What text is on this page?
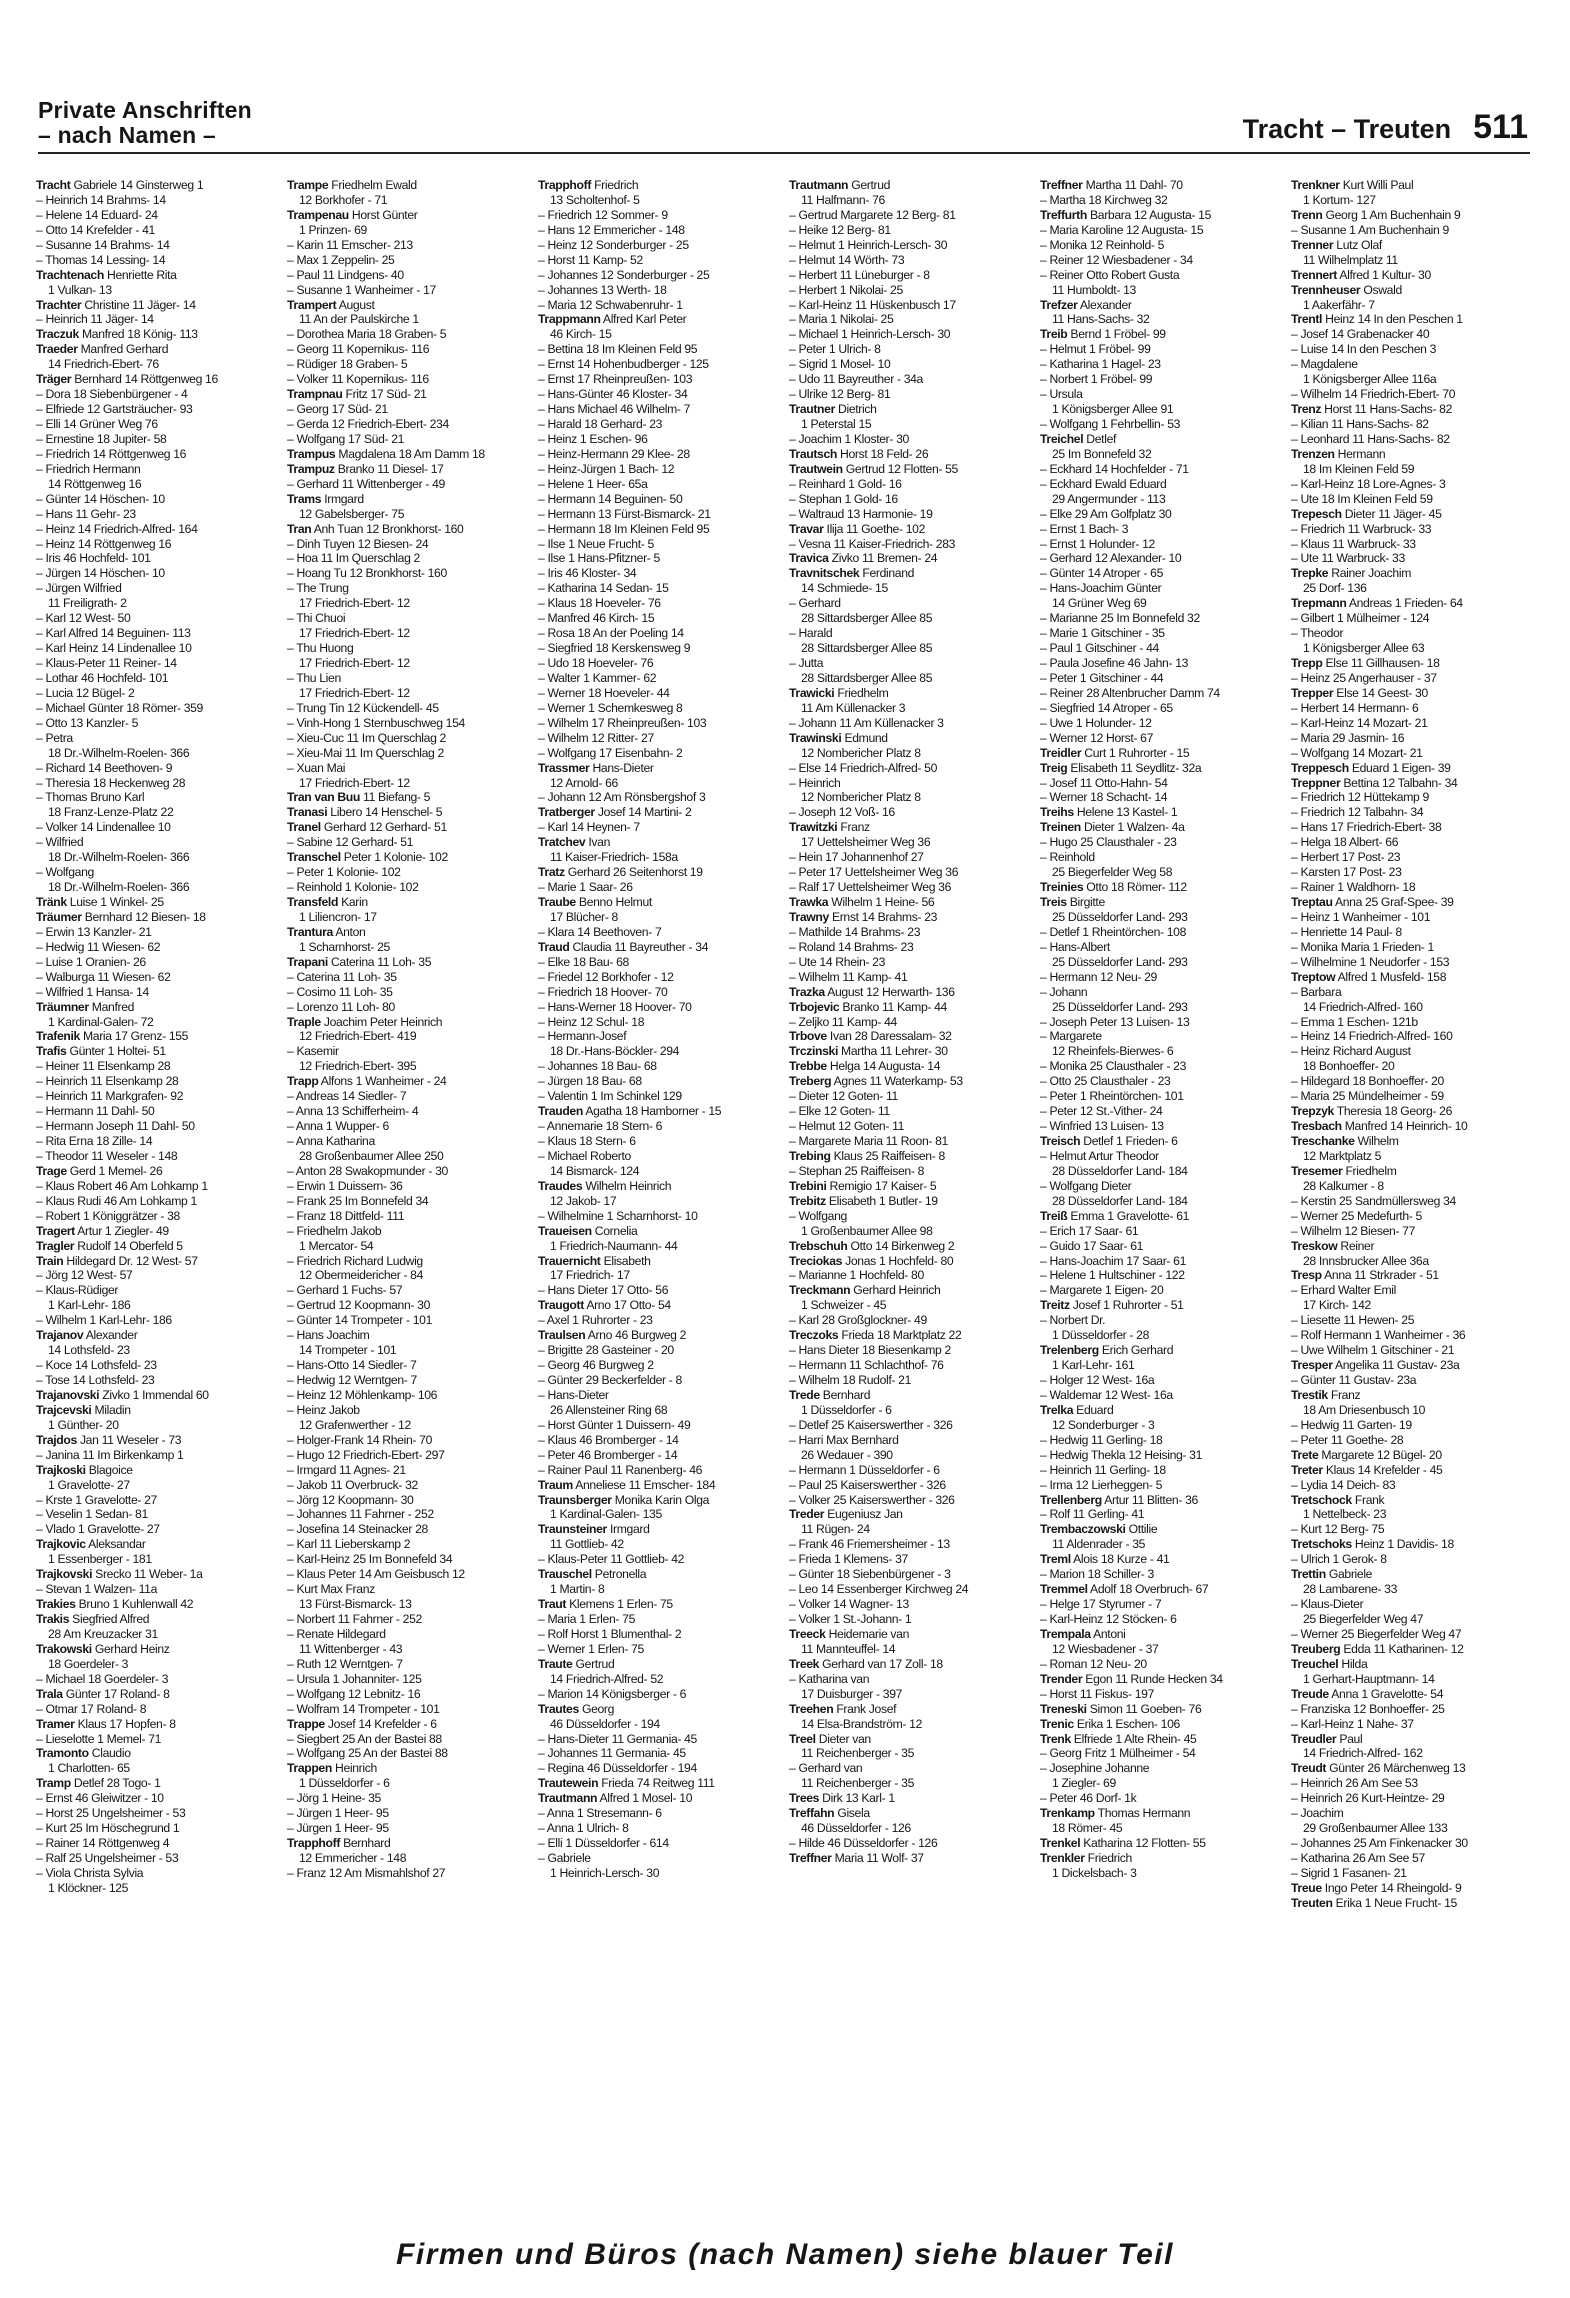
Private Anschriften
– nach Namen –	Tracht – Treuten 511
Tracht Gabriele 14 Ginsterweg 1
– Heinrich 14 Brahms- 14
– Helene 14 Eduard- 24
– Otto 14 Krefelder - 41
– Susanne 14 Brahms- 14
– Thomas 14 Lessing- 14
Trachtenach Henriette Rita
1 Vulkan- 13
Trachter Christine 11 Jäger- 14
– Heinrich 11 Jäger- 14
Traczuk Manfred 18 König- 113
Traeder Manfred Gerhard
14 Friedrich-Ebert- 76
Träger Bernhard 14 Röttgenweg 16
– Dora 18 Siebenbürgener - 4
– Elfriede 12 Gartsträucher- 93
– Elli 14 Grüner Weg 76
– Ernestine 18 Jupiter- 58
– Friedrich 14 Röttgenweg 16
– Friedrich Hermann
14 Röttgenweg 16
– Günter 14 Höschen- 10
– Hans 11 Gehr- 23
– Heinz 14 Friedrich-Alfred- 164
– Heinz 14 Röttgenweg 16
– Iris 46 Hochfeld- 101
– Jürgen 14 Höschen- 10
– Jürgen Wilfried
11 Freiligrath- 2
– Karl 12 West- 50
– Karl Alfred 14 Beguinen- 113
– Karl Heinz 14 Lindenallee 10
– Klaus-Peter 11 Reiner- 14
– Lothar 46 Hochfeld- 101
– Lucia 12 Bügel- 2
– Michael Günter 18 Römer- 359
– Otto 13 Kanzler- 5
– Petra
18 Dr.-Wilhelm-Roelen- 366
– Richard 14 Beethoven- 9
– Theresia 18 Heckenweg 28
– Thomas Bruno Karl
18 Franz-Lenze-Platz 22
– Volker 14 Lindenallee 10
– Wilfried
18 Dr.-Wilhelm-Roelen- 366
– Wolfgang
18 Dr.-Wilhelm-Roelen- 366
Tränk Luise 1 Winkel- 25
Träumer Bernhard 12 Biesen- 18
– Erwin 13 Kanzler- 21
– Hedwig 11 Wiesen- 62
– Luise 1 Oranien- 26
– Walburga 11 Wiesen- 62
– Wilfried 1 Hansa- 14
Träumner Manfred
1 Kardinal-Galen- 72
Trafenik Maria 17 Grenz- 155
Trafis Günter 1 Holtei- 51
– Heiner 11 Elsenkamp 28
– Heinrich 11 Elsenkamp 28
– Heinrich 11 Markgrafen- 92
– Hermann 11 Dahl- 50
– Hermann Joseph 11 Dahl- 50
– Rita Erna 18 Zille- 14
– Theodor 11 Weseler - 148
Trage Gerd 1 Memel- 26
– Klaus Robert 46 Am Lohkamp 1
– Klaus Rudi 46 Am Lohkamp 1
– Robert 1 Königgrätzer - 38
Tragert Artur 1 Ziegler- 49
Tragler Rudolf 14 Oberfeld 5
Train Hildegard Dr. 12 West- 57
– Jörg 12 West- 57
– Klaus-Rüdiger
1 Karl-Lehr- 186
– Wilhelm 1 Karl-Lehr- 186
Trajanov Alexander
14 Lothsfeld- 23
– Koce 14 Lothsfeld- 23
– Tose 14 Lothsfeld- 23
Trajanovski Zivko 1 Immendal 60
Trajcevski Miladin
1 Günther- 20
Trajdos Jan 11 Weseler - 73
– Janina 11 Im Birkenkamp 1
Trajkoski Blagoice
1 Gravelotte- 27
– Krste 1 Gravelotte- 27
– Veselin 1 Sedan- 81
– Vlado 1 Gravelotte- 27
Trajkovic Aleksandar
1 Essenberger - 181
Trajkovski Srecko 11 Weber- 1a
– Stevan 1 Walzen- 11a
Trakies Bruno 1 Kuhlenwall 42
Trakis Siegfried Alfred
28 Am Kreuzacker 31
Trakowski Gerhard Heinz
18 Goerdeler- 3
– Michael 18 Goerdeler- 3
Trala Günter 17 Roland- 8
– Otmar 17 Roland- 8
Tramer Klaus 17 Hopfen- 8
– Lieselotte 1 Memel- 71
Tramonto Claudio
1 Charlotten- 65
Tramp Detlef 28 Togo- 1
– Ernst 46 Gleiwitzer - 10
– Horst 25 Ungelsheimer - 53
– Kurt 25 Im Höschegrund 1
– Rainer 14 Röttgenweg 4
– Ralf 25 Ungelsheimer - 53
– Viola Christa Sylvia
1 Klöckner- 125
Trampe Friedhelm Ewald
12 Borkhofer - 71
Trampenau Horst Günter
1 Prinzen- 69
– Karin 11 Emscher- 213
– Max 1 Zeppelin- 25
– Paul 11 Lindgens- 40
– Susanne 1 Wanheimer - 17
Trampert August
11 An der Paulskirche 1
– Dorothea Maria 18 Graben- 5
– Georg 11 Kopernikus- 116
– Rüdiger 18 Graben- 5
– Volker 11 Kopernikus- 116
Trampnau Fritz 17 Süd- 21
– Georg 17 Süd- 21
– Gerda 12 Friedrich-Ebert- 234
– Wolfgang 17 Süd- 21
Trampus Magdalena 18 Am Damm 18
Trampuz Branko 11 Diesel- 17
– Gerhard 11 Wittenberger - 49
Trams Irmgard
12 Gabelsberger- 75
Tran Anh Tuan 12 Bronkhorst- 160
– Dinh Tuyen 12 Biesen- 24
– Hoa 11 Im Querschlag 2
– Hoang Tu 12 Bronkhorst- 160
– The Trung
17 Friedrich-Ebert- 12
– Thi Chuoi
17 Friedrich-Ebert- 12
– Thu Huong
17 Friedrich-Ebert- 12
– Thu Lien
17 Friedrich-Ebert- 12
– Trung Tin 12 Kückendell- 45
– Vinh-Hong 1 Sternbuschweg 154
– Xieu-Cuc 11 Im Querschlag 2
– Xieu-Mai 11 Im Querschlag 2
– Xuan Mai
17 Friedrich-Ebert- 12
Tran van Buu 11 Biefang- 5
Tranasi Libero 14 Henschel- 5
Tranel Gerhard 12 Gerhard- 51
– Sabine 12 Gerhard- 51
Transchel Peter 1 Kolonie- 102
– Peter 1 Kolonie- 102
– Reinhold 1 Kolonie- 102
Transfeld Karin
1 Liliencron- 17
Trantura Anton
1 Scharnhorst- 25
Trapani Caterina 11 Loh- 35
– Caterina 11 Loh- 35
– Cosimo 11 Loh- 35
– Lorenzo 11 Loh- 80
Traple Joachim Peter Heinrich
12 Friedrich-Ebert- 419
– Kasemir
12 Friedrich-Ebert- 395
Trapp Alfons 1 Wanheimer - 24
– Andreas 14 Siedler- 7
– Anna 13 Schifferheim- 4
– Anna 1 Wupper- 6
– Anna Katharina
28 Großenbaumer Allee 250
– Anton 28 Swakopmunder - 30
– Erwin 1 Duissern- 36
– Frank 25 Im Bonnefeld 34
– Franz 18 Dittfeld- 111
– Friedhelm Jakob
1 Mercator- 54
– Friedrich Richard Ludwig
12 Obermeidericher - 84
– Gerhard 1 Fuchs- 57
– Gertrud 12 Koopmann- 30
– Günter 14 Trompeter - 101
– Hans Joachim
14 Trompeter - 101
– Hans-Otto 14 Siedler- 7
– Hedwig 12 Werntgen- 7
– Heinz 12 Möhlenkamp- 106
– Heinz Jakob
12 Grafenwerther - 12
– Holger-Frank 14 Rhein- 70
– Hugo 12 Friedrich-Ebert- 297
– Irmgard 11 Agnes- 21
– Jakob 11 Overbruck- 32
– Jörg 12 Koopmann- 30
– Johannes 11 Fahrner - 252
– Josefina 14 Steinacker 28
– Karl 11 Lieberskamp 2
– Karl-Heinz 25 Im Bonnefeld 34
– Klaus Peter 14 Am Geisbusch 12
– Kurt Max Franz
13 Fürst-Bismarck- 13
– Norbert 11 Fahrner - 252
– Renate Hildegard
11 Wittenberger - 43
– Ruth 12 Werntgen- 7
– Ursula 1 Johanniter- 125
– Wolfgang 12 Lebnitz- 16
– Wolfram 14 Trompeter - 101
Trappe Josef 14 Krefelder - 6
– Siegbert 25 An der Bastei 88
– Wolfgang 25 An der Bastei 88
Trappen Heinrich
1 Düsseldorfer - 6
– Jörg 1 Heine- 35
– Jürgen 1 Heer- 95
– Jürgen 1 Heer- 95
Trapphoff Bernhard
12 Emmericher - 148
– Franz 12 Am Mismahlshof 27
Trapphoff Friedrich
13 Scholtenhof- 5
– Friedrich 12 Sommer- 9
– Hans 12 Emmericher - 148
– Heinz 12 Sonderburger - 25
– Horst 11 Kamp- 52
– Johannes 12 Sonderburger - 25
– Johannes 13 Werth- 18
– Maria 12 Schwabenruhr- 1
Trappmann Alfred Karl Peter
46 Kirch- 15
– Bettina 18 Im Kleinen Feld 95
– Ernst 14 Hohenbudberger - 125
– Ernst 17 Rheinpreußen- 103
– Hans-Günter 46 Kloster- 34
– Hans Michael 46 Wilhelm- 7
– Harald 18 Gerhard- 23
– Heinz 1 Eschen- 96
– Heinz-Hermann 29 Klee- 28
– Heinz-Jürgen 1 Bach- 12
– Helene 1 Heer- 65a
– Hermann 14 Beguinen- 50
– Hermann 13 Fürst-Bismarck- 21
– Hermann 18 Im Kleinen Feld 95
– Ilse 1 Neue Frucht- 5
– Ilse 1 Hans-Pfitzner- 5
– Iris 46 Kloster- 34
– Katharina 14 Sedan- 15
– Klaus 18 Hoeveler- 76
– Manfred 46 Kirch- 15
– Rosa 18 An der Poeling 14
– Siegfried 18 Kerskensweg 9
– Udo 18 Hoeveler- 76
– Walter 1 Kammer- 62
– Werner 18 Hoeveler- 44
– Werner 1 Schemkesweg 8
– Wilhelm 17 Rheinpreußen- 103
– Wilhelm 12 Ritter- 27
– Wolfgang 17 Eisenbahn- 2
Trassmer Hans-Dieter
12 Arnold- 66
– Johann 12 Am Rönsbergshof 3
Tratberger Josef 14 Martini- 2
– Karl 14 Heynen- 7
Tratchev Ivan
11 Kaiser-Friedrich- 158a
Tratz Gerhard 26 Seitenhorst 19
– Marie 1 Saar- 26
Traube Benno Helmut
17 Blücher- 8
– Klara 14 Beethoven- 7
Traud Claudia 11 Bayreuther - 34
– Elke 18 Bau- 68
– Friedel 12 Borkhofer - 12
– Friedrich 18 Hoover- 70
– Hans-Werner 18 Hoover- 70
– Heinz 12 Schul- 18
– Hermann-Josef
18 Dr.-Hans-Böckler- 294
– Johannes 18 Bau- 68
– Jürgen 18 Bau- 68
– Valentin 1 Im Schinkel 129
Trauden Agatha 18 Hamborner - 15
– Annemarie 18 Stern- 6
– Klaus 18 Stern- 6
– Michael Roberto
14 Bismarck- 124
Traudes Wilhelm Heinrich
12 Jakob- 17
– Wilhelmine 1 Scharnhorst- 10
Traueisen Cornelia
1 Friedrich-Naumann- 44
Trauernicht Elisabeth
17 Friedrich- 17
– Hans Dieter 17 Otto- 56
Traugott Arno 17 Otto- 54
– Axel 1 Ruhrorter - 23
Traulsen Arno 46 Burgweg 2
– Brigitte 28 Gasteiner - 20
– Georg 46 Burgweg 2
– Günter 29 Beckerfelder - 8
– Hans-Dieter
26 Allensteiner Ring 68
– Horst Günter 1 Duissern- 49
– Klaus 46 Bromberger - 14
– Peter 46 Bromberger - 14
– Rainer Paul 11 Ranenberg- 46
Traum Anneliese 11 Emscher- 184
Traunsberger Monika Karin Olga
1 Kardinal-Galen- 135
Traunsteiner Irmgard
11 Gottlieb- 42
– Klaus-Peter 11 Gottlieb- 42
Trauschel Petronella
1 Martin- 8
Traut Klemens 1 Erlen- 75
– Maria 1 Erlen- 75
– Rolf Horst 1 Blumenthal- 2
– Werner 1 Erlen- 75
Traute Gertrud
14 Friedrich-Alfred- 52
– Marion 14 Königsberger - 6
Trautes Georg
46 Düsseldorfer - 194
– Hans-Dieter 11 Germania- 45
– Johannes 11 Germania- 45
– Regina 46 Düsseldorfer - 194
Trautewein Frieda 74 Reitweg 111
Trautmann Alfred 1 Mosel- 10
– Anna 1 Stresemann- 6
– Anna 1 Ulrich- 8
– Elli 1 Düsseldorfer - 614
– Gabriele
1 Heinrich-Lersch- 30
Trautmann Gertrud
11 Halfmann- 76
– Gertrud Margarete 12 Berg- 81
– Heike 12 Berg- 81
– Helmut 1 Heinrich-Lersch- 30
– Helmut 14 Wörth- 73
– Herbert 11 Lüneburger - 8
– Herbert 1 Nikolai- 25
– Karl-Heinz 11 Hüskenbusch 17
– Maria 1 Nikolai- 25
– Michael 1 Heinrich-Lersch- 30
– Peter 1 Ulrich- 8
– Sigrid 1 Mosel- 10
– Udo 11 Bayreuther - 34a
– Ulrike 12 Berg- 81
Trautner Dietrich
1 Peterstal 15
– Joachim 1 Kloster- 30
Trautsch Horst 18 Feld- 26
Trautwein Gertrud 12 Flotten- 55
– Reinhard 1 Gold- 16
– Stephan 1 Gold- 16
– Waltraud 13 Harmonie- 19
Travar Ilija 11 Goethe- 102
– Vesna 11 Kaiser-Friedrich- 283
Travica Zivko 11 Bremen- 24
Travnitschek Ferdinand
14 Schmiede- 15
– Gerhard
28 Sittardsberger Allee 85
– Harald
28 Sittardsberger Allee 85
– Jutta
28 Sittardsberger Allee 85
Trawicki Friedhelm
11 Am Küllenacker 3
– Johann 11 Am Küllenacker 3
Trawinski Edmund
12 Nombericher Platz 8
– Else 14 Friedrich-Alfred- 50
– Heinrich
12 Nombericher Platz 8
– Joseph 12 Voß- 16
Trawitzki Franz
17 Uettelsheimer Weg 36
– Hein 17 Johannenhof 27
– Peter 17 Uettelsheimer Weg 36
– Ralf 17 Uettelsheimer Weg 36
Trawka Wilhelm 1 Heine- 56
Trawny Ernst 14 Brahms- 23
– Mathilde 14 Brahms- 23
– Roland 14 Brahms- 23
– Ute 14 Rhein- 23
– Wilhelm 11 Kamp- 41
Trazka August 12 Herwarth- 136
Trbojevic Branko 11 Kamp- 44
– Zeljko 11 Kamp- 44
Trbove Ivan 28 Daressalam- 32
Trczinski Martha 11 Lehrer- 30
Trebbe Helga 14 Augusta- 14
Treberg Agnes 11 Waterkamp- 53
– Dieter 12 Goten- 11
– Elke 12 Goten- 11
– Helmut 12 Goten- 11
– Margarete Maria 11 Roon- 81
Trebing Klaus 25 Raiffeisen- 8
– Stephan 25 Raiffeisen- 8
Trebini Remigio 17 Kaiser- 5
Trebitz Elisabeth 1 Butler- 19
– Wolfgang
1 Großenbaumer Allee 98
Trebschuh Otto 14 Birkenweg 2
Treciokas Jonas 1 Hochfeld- 80
– Marianne 1 Hochfeld- 80
Treckmann Gerhard Heinrich
1 Schweizer - 45
– Karl 28 Großglockner- 49
Treczoks Frieda 18 Marktplatz 22
– Hans Dieter 18 Biesenkamp 2
– Hermann 11 Schlachthof- 76
– Wilhelm 18 Rudolf- 21
Trede Bernhard
1 Düsseldorfer - 6
– Detlef 25 Kaiserswerther - 326
– Harri Max Bernhard
26 Wedauer - 390
– Hermann 1 Düsseldorfer - 6
– Paul 25 Kaiserswerther - 326
– Volker 25 Kaiserswerther - 326
Treder Eugeniusz Jan
11 Rügen- 24
– Frank 46 Friemersheimer - 13
– Frieda 1 Klemens- 37
– Günter 18 Siebenbürgener - 3
– Leo 14 Essenberger Kirchweg 24
– Volker 14 Wagner- 13
– Volker 1 St.-Johann- 1
Treeck Heidemarie van
11 Mannteuffel- 14
Treek Gerhard van 17 Zoll- 18
– Katharina van
17 Duisburger - 397
Treehen Frank Josef
14 Elsa-Brandström- 12
Treel Dieter van
11 Reichenberger - 35
– Gerhard van
11 Reichenberger - 35
Trees Dirk 13 Karl- 1
Treffahn Gisela
46 Düsseldorfer - 126
– Hilde 46 Düsseldorfer - 126
Treffner Maria 11 Wolf- 37
Treffner Martha 11 Dahl- 70
– Martha 18 Kirchweg 32
Treffurth Barbara 12 Augusta- 15
– Maria Karoline 12 Augusta- 15
– Monika 12 Reinhold- 5
– Reiner 12 Wiesbadener - 34
– Reiner Otto Robert Gusta
11 Humboldt- 13
Trefzer Alexander
11 Hans-Sachs- 32
Treib Bernd 1 Fröbel- 99
– Helmut 1 Fröbel- 99
– Katharina 1 Hagel- 23
– Norbert 1 Fröbel- 99
– Ursula
1 Königsberger Allee 91
– Wolfgang 1 Fehrbellin- 53
Treichel Detlef
25 Im Bonnefeld 32
– Eckhard 14 Hochfelder - 71
– Eckhard Ewald Eduard
29 Angermunder - 113
– Elke 29 Am Golfplatz 30
– Ernst 1 Bach- 3
– Ernst 1 Holunder- 12
– Gerhard 12 Alexander- 10
– Günter 14 Atroper - 65
– Hans-Joachim Günter
14 Grüner Weg 69
– Marianne 25 Im Bonnefeld 32
– Marie 1 Gitschiner - 35
– Paul 1 Gitschiner - 44
– Paula Josefine 46 Jahn- 13
– Peter 1 Gitschiner - 44
– Reiner 28 Altenbrucher Damm 74
– Siegfried 14 Atroper - 65
– Uwe 1 Holunder- 12
– Werner 12 Horst- 67
Treidler Curt 1 Ruhrorter - 15
Treig Elisabeth 11 Seydlitz- 32a
– Josef 11 Otto-Hahn- 54
– Werner 18 Schacht- 14
Treihs Helene 13 Kastel- 1
Treinen Dieter 1 Walzen- 4a
– Hugo 25 Clausthaler - 23
– Reinhold
25 Biegerfelder Weg 58
Treinies Otto 18 Römer- 112
Treis Birgitte
25 Düsseldorfer Land- 293
– Detlef 1 Rheintörchen- 108
– Hans-Albert
25 Düsseldorfer Land- 293
– Hermann 12 Neu- 29
– Johann
25 Düsseldorfer Land- 293
– Joseph Peter 13 Luisen- 13
– Margarete
12 Rheinfels-Bierwes- 6
– Monika 25 Clausthaler - 23
– Otto 25 Clausthaler - 23
– Peter 1 Rheintörchen- 101
– Peter 12 St.-Vither- 24
– Winfried 13 Luisen- 13
Treisch Detlef 1 Frieden- 6
– Helmut Artur Theodor
28 Düsseldorfer Land- 184
– Wolfgang Dieter
28 Düsseldorfer Land- 184
Treiß Emma 1 Gravelotte- 61
– Erich 17 Saar- 61
– Guido 17 Saar- 61
– Hans-Joachim 17 Saar- 61
– Helene 1 Hultschiner - 122
– Margarete 1 Eigen- 20
Treitz Josef 1 Ruhrorter - 51
– Norbert Dr.
1 Düsseldorfer - 28
Trelenberg Erich Gerhard
1 Karl-Lehr- 161
– Holger 12 West- 16a
– Waldemar 12 West- 16a
Trelka Eduard
12 Sonderburger - 3
– Hedwig 11 Gerling- 18
– Hedwig Thekla 12 Heising- 31
– Heinrich 11 Gerling- 18
– Irma 12 Lierheggen- 5
Trellenberg Artur 11 Blitten- 36
– Rolf 11 Gerling- 41
Trembaczowski Ottilie
11 Aldenrader - 35
Treml Alois 18 Kurze - 41
– Marion 18 Schiller- 3
Tremmel Adolf 18 Overbruch- 67
– Helge 17 Styrumer - 7
– Karl-Heinz 12 Stöcken- 6
Trempala Antoni
12 Wiesbadener - 37
– Roman 12 Neu- 20
Trender Egon 11 Runde Hecken 34
– Horst 11 Fiskus- 197
Treneski Simon 11 Goeben- 76
Trenic Erika 1 Eschen- 106
Trenk Elfriede 1 Alte Rhein- 45
– Georg Fritz 1 Mülheimer - 54
– Josephine Johanne
1 Ziegler- 69
– Peter 46 Dorf- 1k
Trenkamp Thomas Hermann
18 Römer- 45
Trenkel Katharina 12 Flotten- 55
Trenkler Friedrich
1 Dickelsbach- 3
Trenkner Kurt Willi Paul
1 Kortum- 127
Trenn Georg 1 Am Buchenhain 9
– Susanne 1 Am Buchenhain 9
Trenner Lutz Olaf
11 Wilhelmplatz 11
Trennert Alfred 1 Kultur- 30
Trennheuser Oswald
1 Aakerfähr- 7
Trentl Heinz 14 In den Peschen 1
– Josef 14 Grabenacker 40
– Luise 14 In den Peschen 3
– Magdalene
1 Königsberger Allee 116a
– Wilhelm 14 Friedrich-Ebert- 70
Trenz Horst 11 Hans-Sachs- 82
– Kilian 11 Hans-Sachs- 82
– Leonhard 11 Hans-Sachs- 82
Trenzen Hermann
18 Im Kleinen Feld 59
– Karl-Heinz 18 Lore-Agnes- 3
– Ute 18 Im Kleinen Feld 59
Trepesch Dieter 11 Jäger- 45
– Friedrich 11 Warbruck- 33
– Klaus 11 Warbruck- 33
– Ute 11 Warbruck- 33
Trepke Rainer Joachim
25 Dorf- 136
Trepmann Andreas 1 Frieden- 64
– Gilbert 1 Mülheimer - 124
– Theodor
1 Königsberger Allee 63
Trepp Else 11 Gillhausen- 18
– Heinz 25 Angerhauser - 37
Trepper Else 14 Geest- 30
– Herbert 14 Hermann- 6
– Karl-Heinz 14 Mozart- 21
– Maria 29 Jasmin- 16
– Wolfgang 14 Mozart- 21
Treppesch Eduard 1 Eigen- 39
Treppner Bettina 12 Talbahn- 34
– Friedrich 12 Hüttekamp 9
– Friedrich 12 Talbahn- 34
– Hans 17 Friedrich-Ebert- 38
– Helga 18 Albert- 66
– Herbert 17 Post- 23
– Karsten 17 Post- 23
– Rainer 1 Waldhorn- 18
Treptau Anna 25 Graf-Spee- 39
– Heinz 1 Wanheimer - 101
– Henriette 14 Paul- 8
– Monika Maria 1 Frieden- 1
– Wilhelmine 1 Neudorfer - 153
Treptow Alfred 1 Musfeld- 158
– Barbara
14 Friedrich-Alfred- 160
– Emma 1 Eschen- 121b
– Heinz 14 Friedrich-Alfred- 160
– Heinz Richard August
18 Bonhoeffer- 20
– Hildegard 18 Bonhoeffer- 20
– Maria 25 Mündelheimer - 59
Trepzyk Theresia 18 Georg- 26
Tresbach Manfred 14 Heinrich- 10
Treschanke Wilhelm
12 Marktplatz 5
Tresemer Friedhelm
28 Kalkumer - 8
– Kerstin 25 Sandmüllersweg 34
– Werner 25 Medefurth- 5
– Wilhelm 12 Biesen- 77
Treskow Reiner
28 Innsbrucker Allee 36a
Tresp Anna 11 Strkrader - 51
– Erhard Walter Emil
17 Kirch- 142
– Liesette 11 Hewen- 25
– Rolf Hermann 1 Wanheimer - 36
– Uwe Wilhelm 1 Gitschiner - 21
Tresper Angelika 11 Gustav- 23a
– Günter 11 Gustav- 23a
Trestik Franz
18 Am Driesenbusch 10
– Hedwig 11 Garten- 19
– Peter 11 Goethe- 28
Trete Margarete 12 Bügel- 20
Treter Klaus 14 Krefelder - 45
– Lydia 14 Deich- 83
Tretschock Frank
1 Nettelbeck- 23
– Kurt 12 Berg- 75
Tretschoks Heinz 1 Davidis- 18
– Ulrich 1 Gerok- 8
Trettin Gabriele
28 Lambarene- 33
– Klaus-Dieter
25 Biegerfelder Weg 47
– Werner 25 Biegerfelder Weg 47
Treuberg Edda 11 Katharinen- 12
Treuchel Hilda
1 Gerhart-Hauptmann- 14
Treude Anna 1 Gravelotte- 54
– Franziska 12 Bonhoeffer- 25
– Karl-Heinz 1 Nahe- 37
Treudler Paul
14 Friedrich-Alfred- 162
Treudt Günter 26 Märchenweg 13
– Heinrich 26 Am See 53
– Heinrich 26 Kurt-Heintze- 29
– Joachim
29 Großenbaumer Allee 133
– Johannes 25 Am Finkenacker 30
– Katharina 26 Am See 57
– Sigrid 1 Fasanen- 21
Treue Ingo Peter 14 Rheingold- 9
Treuten Erika 1 Neue Frucht- 15
Firmen und Büros (nach Namen) siehe blauer Teil
